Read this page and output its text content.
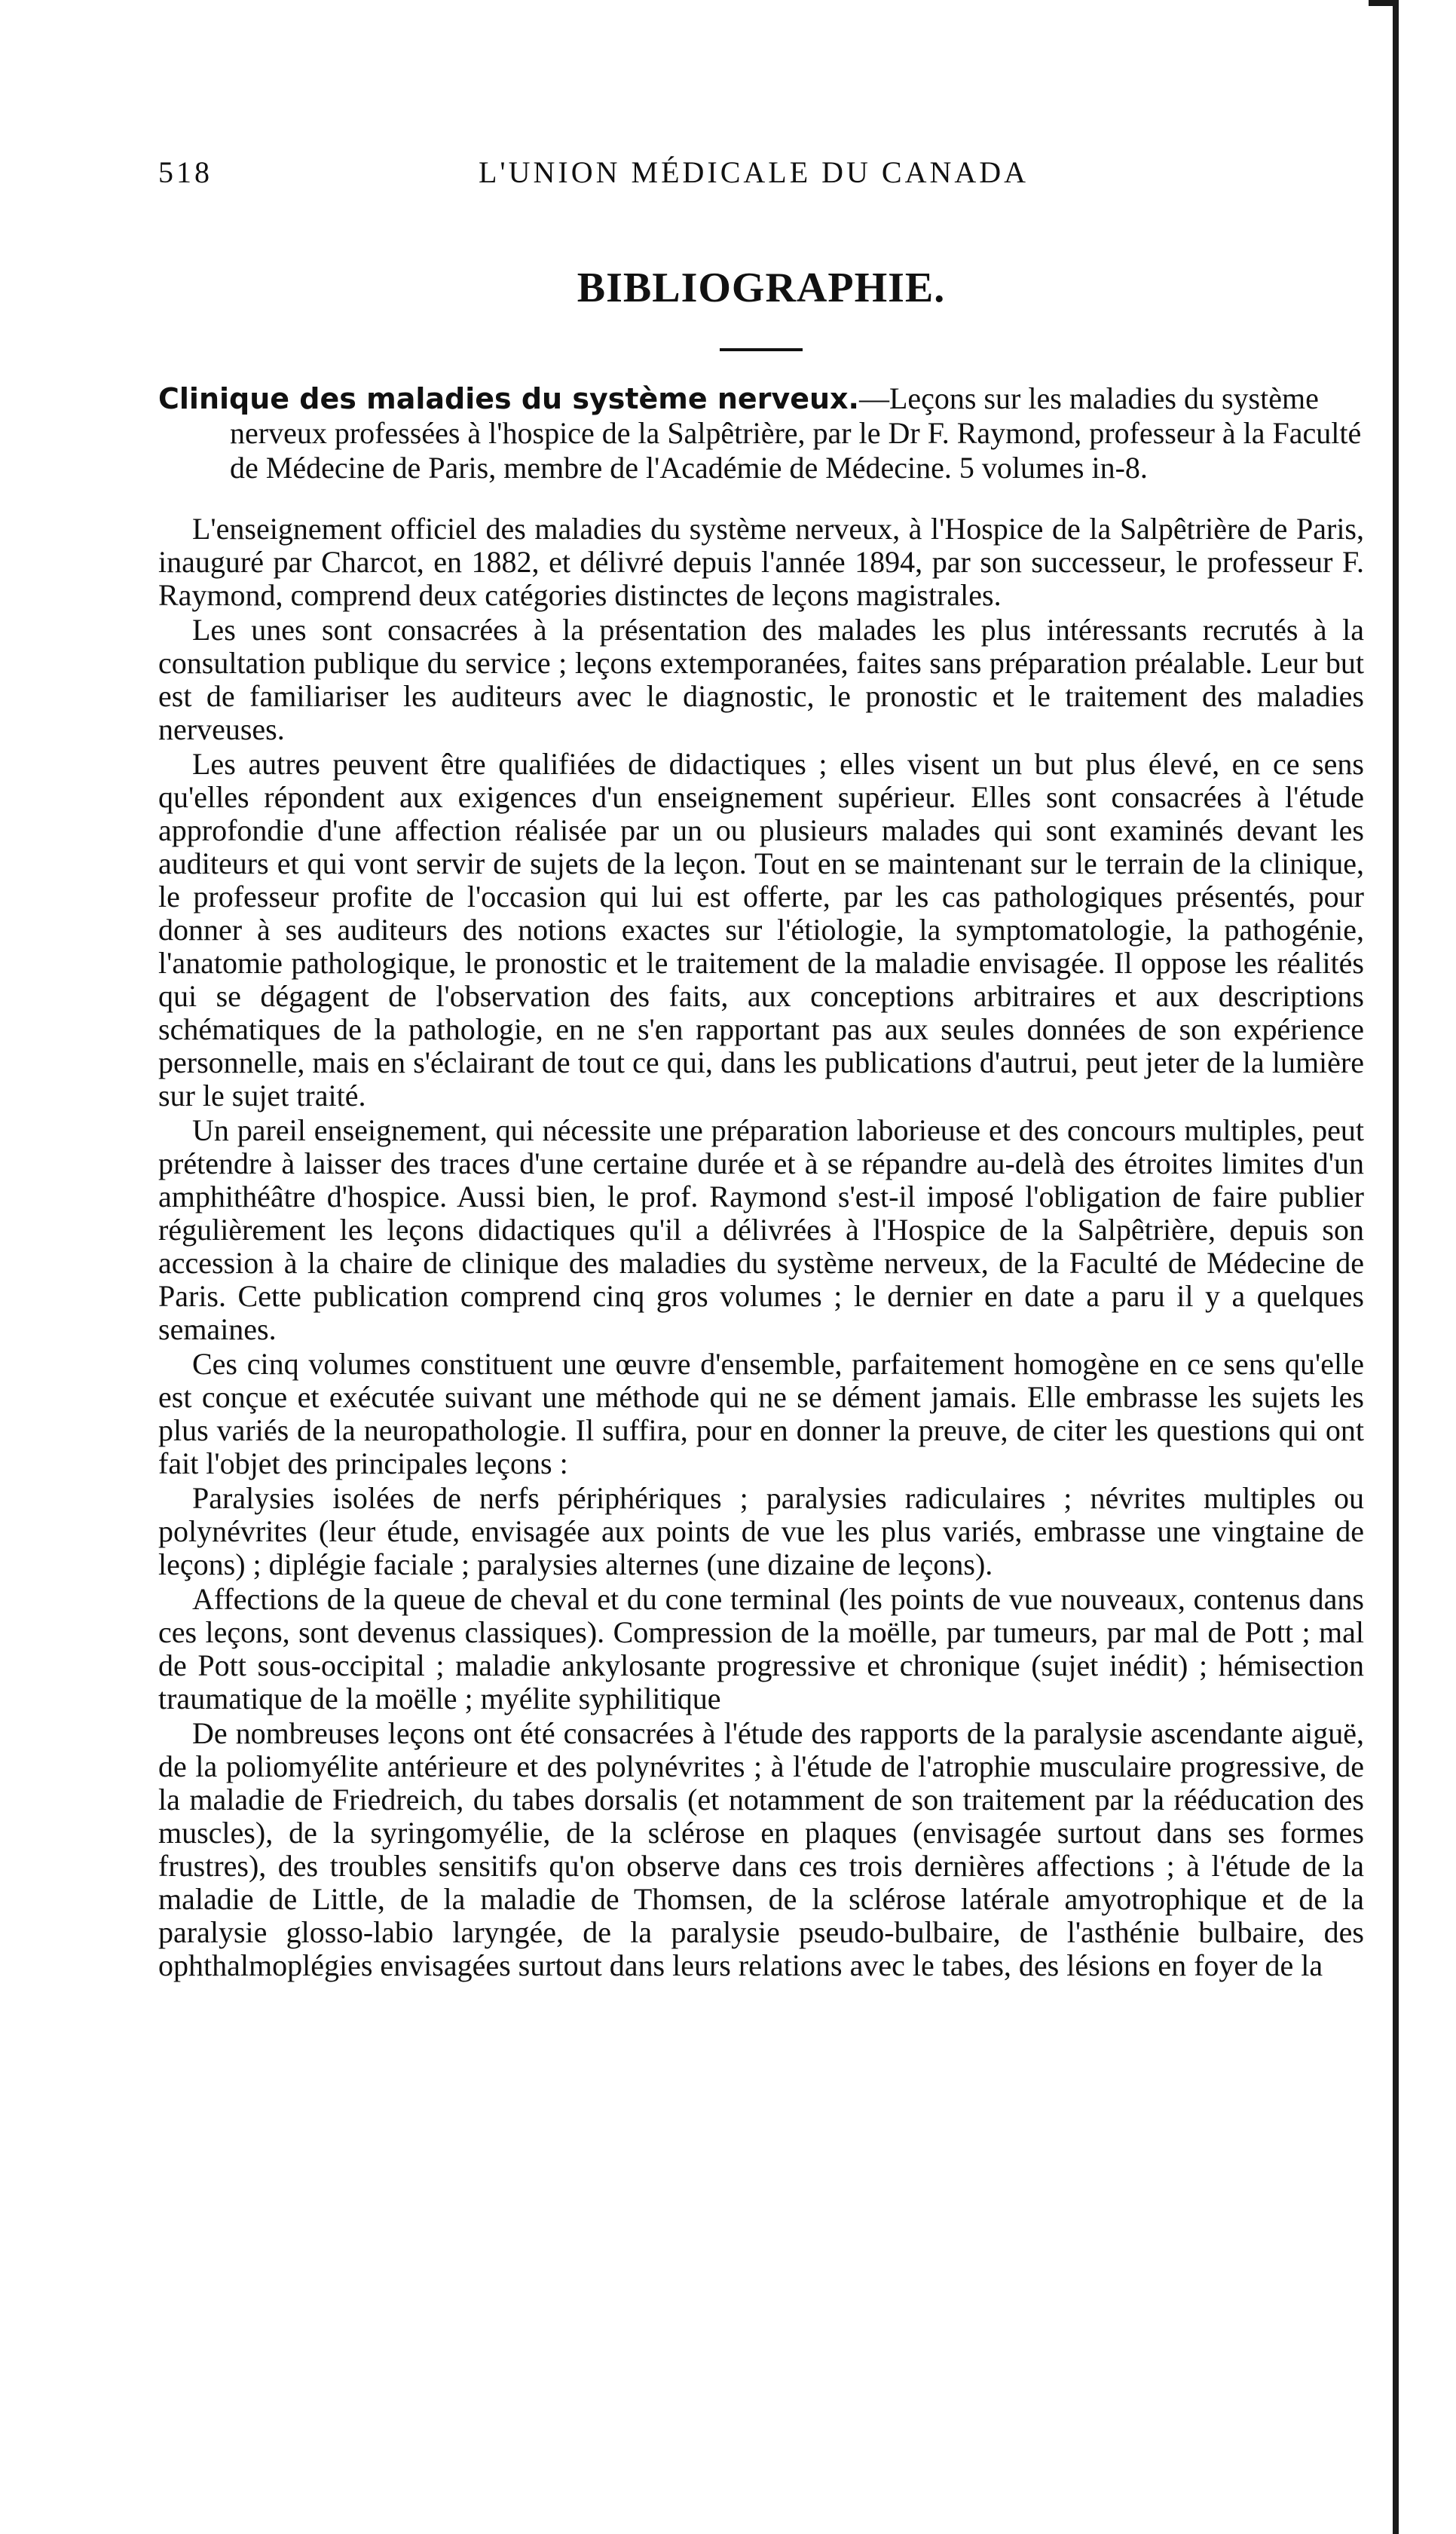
518	L'UNION MÉDICALE DU CANADA
BIBLIOGRAPHIE.

Clinique des maladies du système nerveux.—Leçons sur les maladies du système nerveux professées à l'hospice de la Salpêtrière, par le Dr F. Raymond, professeur à la Faculté de Médecine de Paris, membre de l'Académie de Médecine. 5 volumes in-8.

L'enseignement officiel des maladies du système nerveux, à l'Hospice de la Salpêtrière de Paris, inauguré par Charcot, en 1882, et délivré depuis l'année 1894, par son successeur, le professeur F. Raymond, comprend deux catégories distinctes de leçons magistrales.

Les unes sont consacrées à la présentation des malades les plus intéressants recrutés à la consultation publique du service ; leçons extemporanées, faites sans préparation préalable. Leur but est de familiariser les auditeurs avec le diagnostic, le pronostic et le traitement des maladies nerveuses.

Les autres peuvent être qualifiées de didactiques ; elles visent un but plus élevé, en ce sens qu'elles répondent aux exigences d'un enseignement supérieur. Elles sont consacrées à l'étude approfondie d'une affection réalisée par un ou plusieurs malades qui sont examinés devant les auditeurs et qui vont servir de sujets de la leçon. Tout en se maintenant sur le terrain de la clinique, le professeur profite de l'occasion qui lui est offerte, par les cas pathologiques présentés, pour donner à ses auditeurs des notions exactes sur l'étiologie, la symptomatologie, la pathogénie, l'anatomie pathologique, le pronostic et le traitement de la maladie envisagée. Il oppose les réalités qui se dégagent de l'observation des faits, aux conceptions arbitraires et aux descriptions schématiques de la pathologie, en ne s'en rapportant pas aux seules données de son expérience personnelle, mais en s'éclairant de tout ce qui, dans les publications d'autrui, peut jeter de la lumière sur le sujet traité.

Un pareil enseignement, qui nécessite une préparation laborieuse et des concours multiples, peut prétendre à laisser des traces d'une certaine durée et à se répandre au-delà des étroites limites d'un amphithéâtre d'hospice. Aussi bien, le prof. Raymond s'est-il imposé l'obligation de faire publier régulièrement les leçons didactiques qu'il a délivrées à l'Hospice de la Salpêtrière, depuis son accession à la chaire de clinique des maladies du système nerveux, de la Faculté de Médecine de Paris. Cette publication comprend cinq gros volumes ; le dernier en date a paru il y a quelques semaines.

Ces cinq volumes constituent une œuvre d'ensemble, parfaitement homogène en ce sens qu'elle est conçue et exécutée suivant une méthode qui ne se dément jamais. Elle embrasse les sujets les plus variés de la neuropathologie. Il suffira, pour en donner la preuve, de citer les questions qui ont fait l'objet des principales leçons :

Paralysies isolées de nerfs périphériques ; paralysies radiculaires ; névrites multiples ou polynévrites (leur étude, envisagée aux points de vue les plus variés, embrasse une vingtaine de leçons) ; diplégie faciale ; paralysies alternes (une dizaine de leçons).

Affections de la queue de cheval et du cone terminal (les points de vue nouveaux, contenus dans ces leçons, sont devenus classiques). Compression de la moëlle, par tumeurs, par mal de Pott ; mal de Pott sous-occipital ; maladie ankylosante progressive et chronique (sujet inédit) ; hémisection traumatique de la moëlle ; myélite syphilitique

De nombreuses leçons ont été consacrées à l'étude des rapports de la paralysie ascendante aiguë, de la poliomyélite antérieure et des polynévrites ; à l'étude de l'atrophie musculaire progressive, de la maladie de Friedreich, du tabes dorsalis (et notamment de son traitement par la rééducation des muscles), de la syringomyélie, de la sclérose en plaques (envisagée surtout dans ses formes frustres), des troubles sensitifs qu'on observe dans ces trois dernières affections ; à l'étude de la maladie de Little, de la maladie de Thomsen, de la sclérose latérale amyotrophique et de la paralysie glosso-labio laryngée, de la paralysie pseudo-bulbaire, de l'asthénie bulbaire, des ophthalmoplégies envisagées surtout dans leurs relations avec le tabes, des lésions en foyer de la
